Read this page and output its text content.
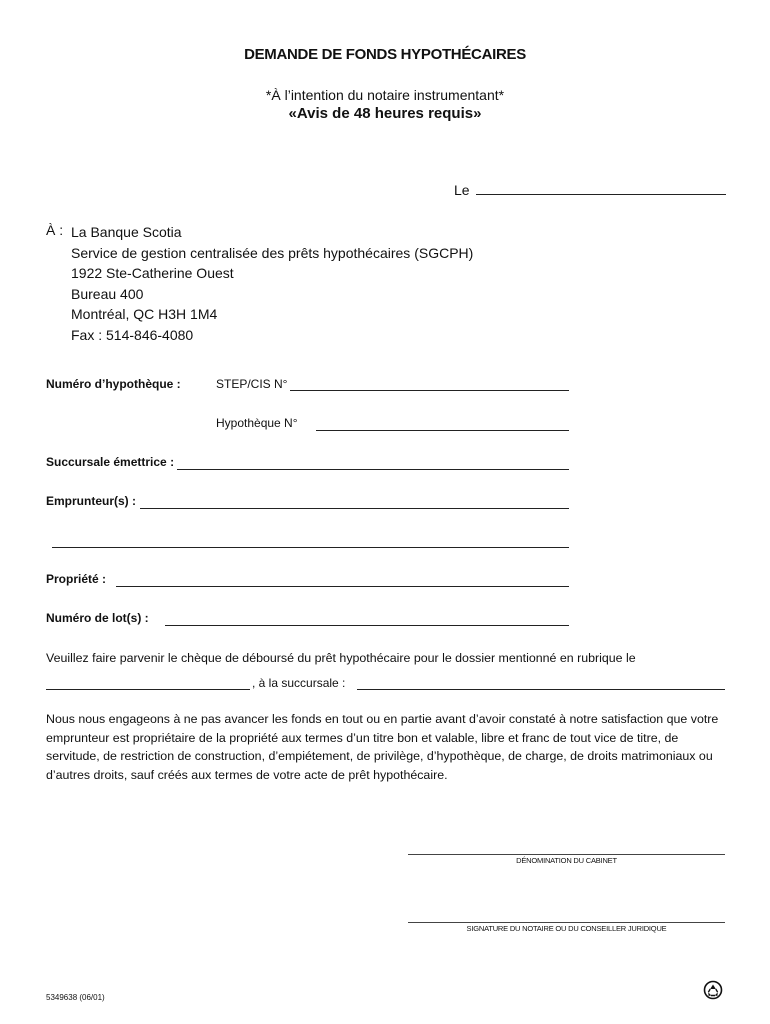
DEMANDE DE FONDS HYPOTHÉCAIRES
*À l’intention du notaire instrumentant*
«Avis de 48 heures requis»
Le
À : La Banque Scotia
Service de gestion centralisée des prêts hypothécaires (SGCPH)
1922 Ste-Catherine Ouest
Bureau 400
Montréal, QC H3H 1M4
Fax : 514-846-4080
Numéro d’hypothèque :	STEP/CIS N°
Hypothèque N°
Succursale émettrice :
Emprunteur(s) :
Propriété :
Numéro de lot(s) :
Veuillez faire parvenir le chèque de déboursé du prêt hypothécaire pour le dossier mentionné en rubrique le
, à la succursale :
Nous nous engageons à ne pas avancer les fonds en tout ou en partie avant d’avoir constaté à notre satisfaction que votre emprunteur est propriétaire de la propriété aux termes d’un titre bon et valable, libre et franc de tout vice de titre, de servitude, de restriction de construction, d’empiétement, de privilège, d’hypothèque, de charge, de droits matrimoniaux ou d’autres droits, sauf créés aux termes de votre acte de prêt hypothécaire.
DÉNOMINATION DU CABINET
SIGNATURE DU NOTAIRE OU DU CONSEILLER JURIDIQUE
5349638 (06/01)
